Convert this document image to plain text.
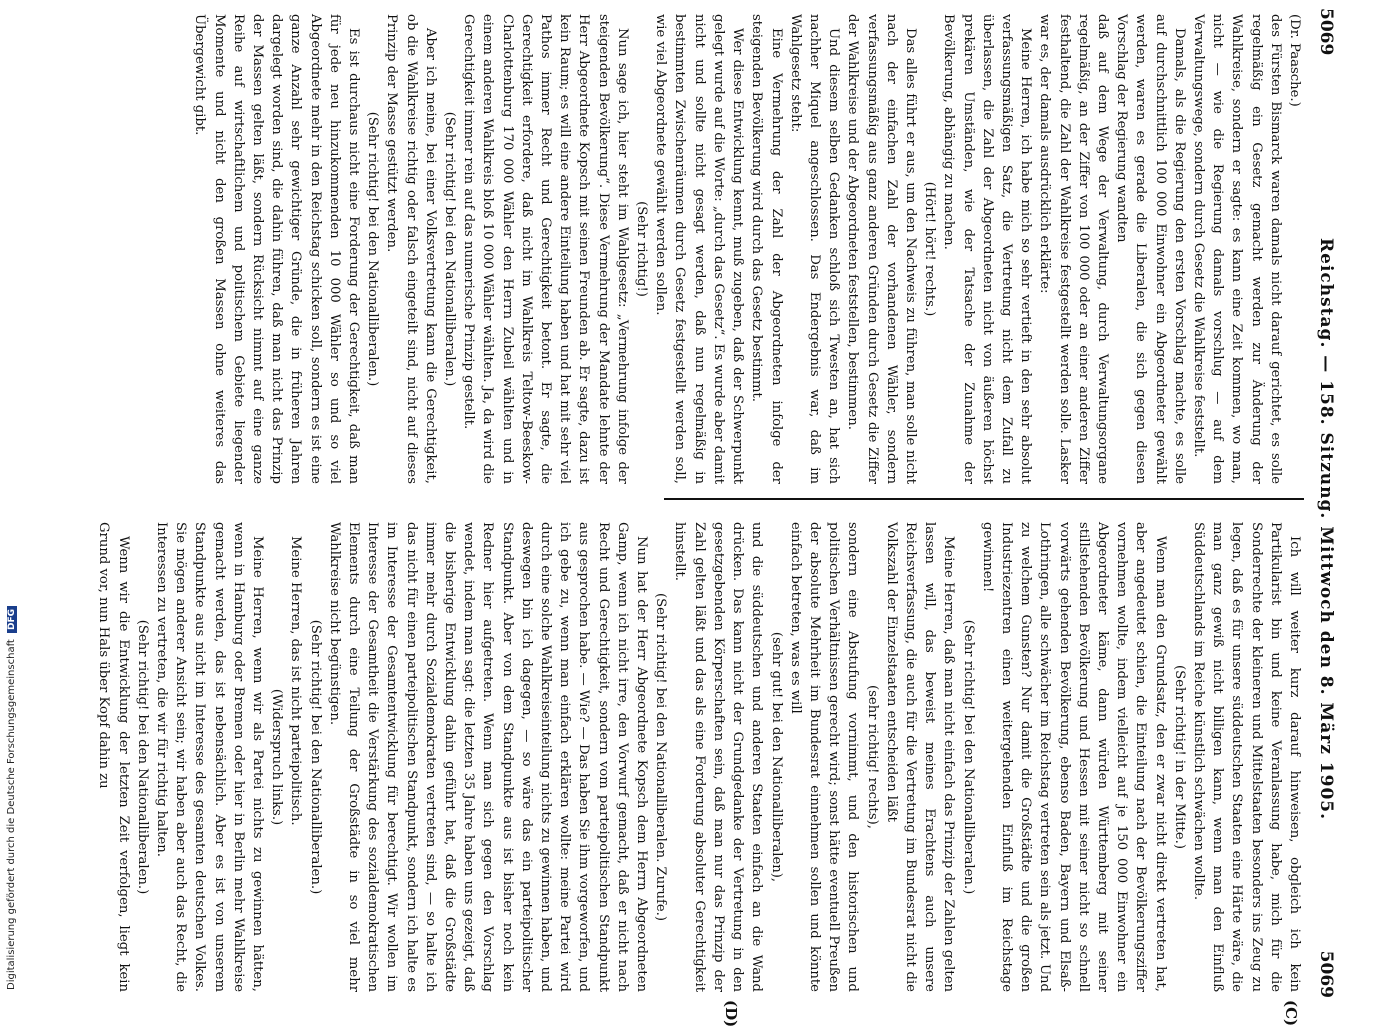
5069
Reichstag. — 158. Sitzung. Mittwoch den 8. März 1905.
5069

(Dr. Paasche.)

des Fürsten Bismarck waren damals nicht darauf gerichtet, es solle regelmäßig ein Gesetz gemacht werden zur Änderung der Wahlkreise, sondern er sagte: es kann eine Zeit kommen, wo man, nicht — wie die Regierung damals vorschlug — auf dem Verwaltungswege, sondern durch Gesetz die Wahlkreise feststellt.

Damals, als die Regierung den ersten Vorschlag machte, es solle auf durchschnittlich 100 000 Einwohner ein Abgeordneter gewählt werden, waren es gerade die Liberalen, die sich gegen diesen Vorschlag der Regierung wandten

daß auf dem Wege der Verwaltung, durch Verwaltungsorgane regelmäßig, an der Ziffer von 100 000 oder an einer anderen Ziffer festhaltend, die Zahl der Wahlkreise festgestellt werden solle. Lasker war es, der damals ausdrücklich erklärte:

Meine Herren, ich habe mich so sehr vertieft in den sehr absolut verfassungsmäßigen Satz, die Vertretung nicht dem Zufall zu überlassen, die Zahl der Abgeordneten nicht von äußeren höchst prekären Umständen, wie der Tatsache der Zunahme der Bevölkerung, abhängig zu machen.

(Hört! hört! rechts.)

Das alles führt er aus, um den Nachweis zu führen, man solle nicht nach der einfachen Zahl der vorhandenen Wähler, sondern verfassungsmäßig aus ganz anderen Gründen durch Gesetz die Ziffer der Wahlkreise und der Abgeordneten feststellen, bestimmen.

Und diesem selben Gedanken schloß sich Twesten an, hat sich nachher Miquel angeschlossen. Das Endergebnis war, daß im Wahlgesetz steht:

Eine Vermehrung der Zahl der Abgeordneten infolge der steigenden Bevölkerung wird durch das Gesetz bestimmt.

Wer diese Entwicklung kennt, muß zugeben, daß der Schwerpunkt gelegt wurde auf die Worte: „durch das Gesetz“. Es wurde aber damit nicht und sollte nicht gesagt werden, daß nun regelmäßig in bestimmten Zwischenräumen durch Gesetz festgestellt werden soll, wie viel Abgeordnete gewählt werden sollen.

(Sehr richtig!)

Nun sage ich, hier steht im Wahlgesetz: „Vermehrung infolge der steigenden Bevölkerung“. Diese Vermehrung der Mandate lehnte der Herr Abgeordnete Kopsch mit seinen Freunden ab. Er sagte, dazu ist kein Raum; es will eine andere Einteilung haben und hat mit sehr viel Pathos immer Recht und Gerechtigkeit betont. Er sagte, die Gerechtigkeit erfordere, daß nicht im Wahlkreis Teltow-Beeskow-Charlottenburg 170 000 Wähler den Herrn Zubeil wählten und in einem anderen Wahlkreis bloß 10 000 Wähler wählten. Ja, da wird die Gerechtigkeit immer rein auf das numerische Prinzip gestellt.

(Sehr richtig! bei den Nationalliberalen.)

Aber ich meine, bei einer Volksvertretung kann die Gerechtigkeit, ob die Wahlkreise richtig oder falsch eingeteilt sind, nicht auf dieses Prinzip der Masse gestützt werden.

(Sehr richtig! bei den Nationalliberalen.)

Es ist durchaus nicht eine Forderung der Gerechtigkeit, daß man für jede neu hinzukommenden 10 000 Wähler so und so viel Abgeordnete mehr in den Reichstag schicken soll, sondern es ist eine ganze Anzahl sehr gewichtiger Gründe, die in früheren Jahren dargelegt worden sind, die dahin führen, daß man nicht das Prinzip der Massen gelten läßt, sondern Rücksicht nimmt auf eine ganze Reihe auf wirtschaftlichem und politischem Gebiete liegender Momente und nicht den großen Massen ohne weiteres das Übergewicht gibt.

Ich will weiter kurz darauf hinweisen, obgleich ich kein Partikularist bin und keine Veranlassung habe, mich für die Sonderrechte der kleineren und Mittelstaaten besonders ins Zeug zu legen, daß es für unsere süddeutschen Staaten eine Härte wäre, die man ganz gewiß nicht billigen kann, wenn man den Einfluß Süddeutschlands im Reiche künstlich schwächen wollte.

(Sehr richtig! in der Mitte.)

Wenn man den Grundsatz, den er zwar nicht direkt vertreten hat, aber angedeutet schien, die Einteilung nach der Bevölkerungsziffer vornehmen wollte, indem vielleicht auf je 150 000 Einwohner ein Abgeordneter käme, dann würden Württemberg mit seiner stillstehenden Bevölkerung und Hessen mit seiner nicht so schnell vorwärts gehenden Bevölkerung, ebenso Baden, Bayern und Elsaß-Lothringen, alle schwächer im Reichstag vertreten sein als jetzt. Und zu welchem Gunsten? Nur damit die Großstädte und die großen Industriezentren einen weitergehenden Einfluß im Reichstage gewinnen!

(Sehr richtig! bei den Nationalliberalen.)

Meine Herren, daß man nicht einfach das Prinzip der Zahlen gelten lassen will, das beweist meines Erachtens auch unsere Reichsverfassung, die auch für die Vertretung im Bundesrat nicht die Volkszahl der Einzelstaaten entscheiden läßt

(sehr richtig! rechts),

sondern eine Abstufung vornimmt, und den historischen und politischen Verhältnissen gerecht wird; sonst hätte eventuell Preußen der absolute Mehrheit im Bundesrat einnehmen sollen und könnte einfach betreten, was es will

(sehr gut! bei den Nationalliberalen),

und die süddeutschen und anderen Staaten einfach an die Wand drücken. Das kann nicht der Grundgedanke der Vertretung in den gesetzgebenden Körperschaften sein, daß man nur das Prinzip der Zahl gelten läßt und das als eine Forderung absoluter Gerechtigkeit hinstellt.

(Sehr richtig! bei den Nationalliberalen. Zurufe.)

Nun hat der Herr Abgeordnete Kopsch dem Herrn Abgeordneten Gamp, wenn ich nicht irre, den Vorwurf gemacht, daß er nicht nach Recht und Gerechtigkeit, sondern vom parteipolitischen Standpunkt aus gesprochen habe. — Wie? — Das haben Sie ihm vorgeworfen, und ich gebe zu, wenn man einfach erklären wollte: meine Partei wird durch eine solche Wahlkreiseinteilung nichts zu gewinnen haben, und deswegen bin ich dagegen, — so wäre das ein parteipolitischer Standpunkt. Aber von dem Standpunkte aus ist bisher noch kein Redner hier aufgetreten. Wenn man sich gegen den Vorschlag wendet, indem man sagt: die letzten 35 Jahre haben uns gezeigt, daß die bisherige Entwicklung dahin geführt hat, daß die Großstädte immer mehr durch Sozialdemokraten vertreten sind, — so halte ich das nicht für einen parteipolitischen Standpunkt, sondern ich halte es im Interesse der Gesamtentwicklung für berechtigt. Wir wollen im Interesse der Gesamtheit die Verstärkung des sozialdemokratischen Elements durch eine Teilung der Großstädte in so viel mehr Wahlkreise nicht begünstigen.

(Sehr richtig! bei den Nationalliberalen.)

Meine Herren, das ist nicht parteipolitisch.

(Widerspruch links.)

Meine Herren, wenn wir als Partei nichts zu gewinnen hätten, wenn in Hamburg oder Bremen oder hier in Berlin mehr Wahlkreise gemacht werden, das ist nebensächlich. Aber es ist von unserem Standpunkte aus nicht im Interesse des gesamten deutschen Volkes. Sie mögen anderer Ansicht sein; wir haben aber auch das Recht, die Interessen zu vertreten, die wir für richtig halten.

(Sehr richtig! bei den Nationalliberalen.)

Wenn wir die Entwicklung der letzten Zeit verfolgen, liegt kein Grund vor, nun Hals über Kopf dahin zu

(C)
(D)
Digitalisierung gefördert durch die Deutsche Forschungsgemeinschaft DFG
